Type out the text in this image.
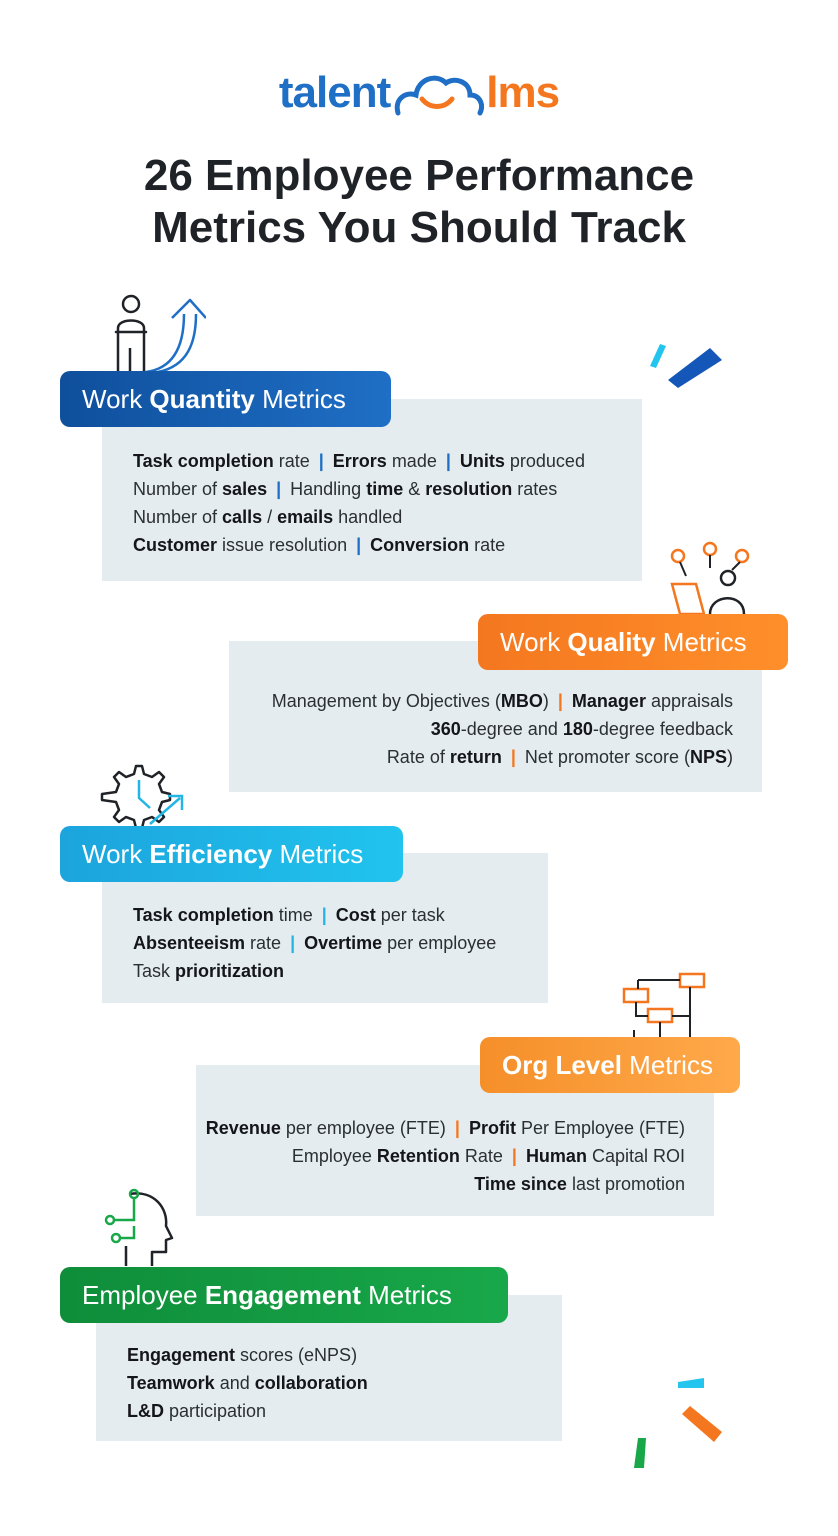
talent lms
26 Employee Performance
Metrics You Should Track
Task completion rate | Errors made | Units produced
Number of sales | Handling time & resolution rates
Number of calls / emails handled
Customer issue resolution | Conversion rate
Management by Objectives (MBO) | Manager appraisals
360-degree and 180-degree feedback
Rate of return | Net promoter score (NPS)
Task completion time | Cost per task
Absenteeism rate | Overtime per employee
Task prioritization
Revenue per employee (FTE) | Profit Per Employee (FTE)
Employee Retention Rate | Human Capital ROI
Time since last promotion
Engagement scores (eNPS)
Teamwork and collaboration
L&D participation
Work Quantity Metrics
Work Quality Metrics
Work Efficiency Metrics
Org Level Metrics
Employee Engagement Metrics
